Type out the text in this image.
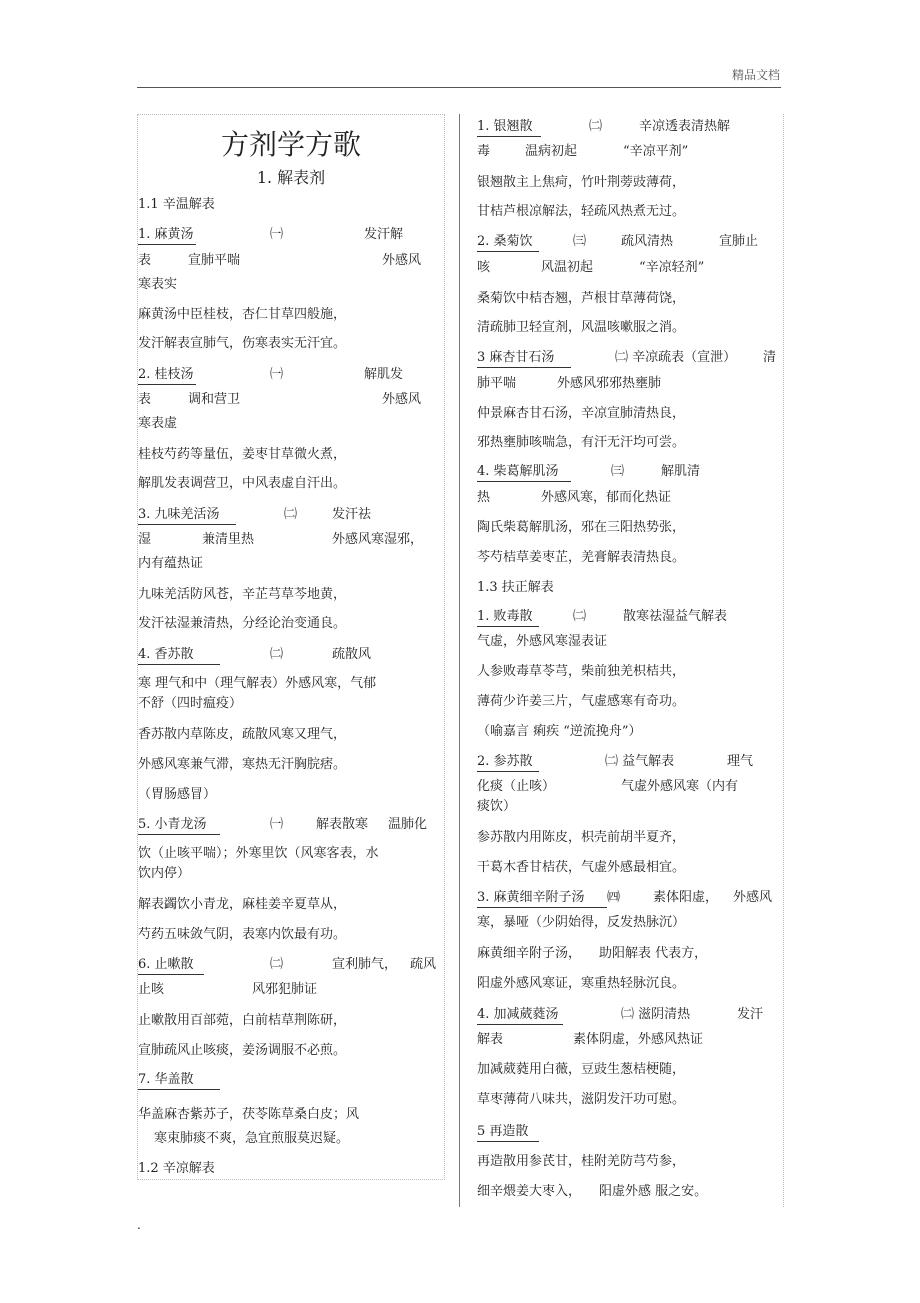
精品文档
方剂学方歌
1. 解表剂
1.1 辛温解表
1. 麻黄汤	㈠	发汗解
表	宣肺平喘	外感风
寒表实
麻黄汤中臣桂枝，杏仁甘草四般施，
发汗解表宣肺气，伤寒表实无汗宜。
2. 桂枝汤	㈠	解肌发
表	调和营卫	外感风
寒表虚
桂枝芍药等量伍，姜枣甘草微火煮，
解肌发表调营卫，中风表虚自汗出。
3. 九味羌活汤	㈡	发汗祛
湿	兼清里热	外感风寒湿邪，
内有蕴热证
九味羌活防风苍，辛芷芎草芩地黄，
发汗祛湿兼清热，分经论治变通良。
4. 香苏散	㈡	疏散风
寒 理气和中（理气解表）外感风寒，气郁
不舒（四时瘟疫）
香苏散内草陈皮，疏散风寒又理气，
外感风寒兼气滞，寒热无汗胸脘痞。
（胃肠感冒）
5. 小青龙汤	㈠	解表散寒 温肺化
饮（止咳平喘）；外寒里饮（风寒客表，水
饮内停）
解表蠲饮小青龙，麻桂姜辛夏草从，
芍药五味敛气阴，表寒内饮最有功。
6. 止嗽散	㈡	宣利肺气， 疏风
止咳	风邪犯肺证
止嗽散用百部菀，白前桔草荆陈研，
宣肺疏风止咳痰，姜汤调服不必煎。
7. 华盖散
华盖麻杏紫苏子，茯苓陈草桑白皮；风
寒束肺痰不爽，急宜煎服莫迟疑。
1.2 辛凉解表
1. 银翘散	㈡	辛凉透表清热解
毒	温病初起	“辛凉平剂”
银翘散主上焦疴，竹叶荆蒡豉薄荷，
甘桔芦根凉解法，轻疏风热煮无过。
2. 桑菊饮	㈢	疏风清热	宣肺止
咳	风温初起	“辛凉轻剂”
桑菊饮中桔杏翘，芦根甘草薄荷饶，
清疏肺卫轻宣剂，风温咳嗽服之消。
3 麻杏甘石汤	㈡ 辛凉疏表（宣泄） 清
肺平喘	外感风邪邪热壅肺
仲景麻杏甘石汤，辛凉宣肺清热良，
邪热壅肺咳喘急，有汗无汗均可尝。
4. 柴葛解肌汤	㈢	解肌清
热	外感风寒，郁而化热证
陶氏柴葛解肌汤，邪在三阳热势张，
芩芍桔草姜枣芷，羌膏解表清热良。
1.3 扶正解表
1. 败毒散	㈡	散寒祛湿益气解表
气虚，外感风寒湿表证
人参败毒草苓芎，柴前独羌枳桔共，
薄荷少许姜三片，气虚感寒有奇功。
（喻嘉言 痢疾 “逆流挽舟”）
2. 参苏散	㈡ 益气解表	理气
化痰（止咳）	气虚外感风寒（内有
痰饮）
参苏散内用陈皮，枳壳前胡半夏齐，
干葛木香甘桔茯，气虚外感最相宜。
3. 麻黄细辛附子汤	㈣	素体阳虚， 外感风
寒，暴哑（少阴始得，反发热脉沉）
麻黄细辛附子汤， 助阳解表 代表方，
阳虚外感风寒证，寒重热轻脉沉良。
4. 加减葳蕤汤	㈡ 滋阴清热	发汗
解表	素体阴虚，外感风热证
加减葳蕤用白薇，豆豉生葱桔梗随，
草枣薄荷八味共，滋阴发汗功可慰。
5 再造散
再造散用参芪甘，桂附羌防芎芍参，
细辛煨姜大枣入， 阳虚外感 服之安。
.
